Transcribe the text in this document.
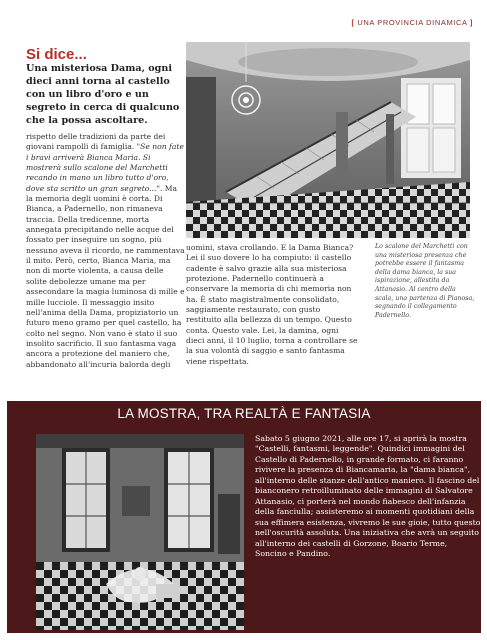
[ UNA PROVINCIA DINAMICA ]
Si dice...
Una misteriosa Dama, ogni dieci anni torna al castello con un libro d'oro e un segreto in cerca di qualcuno che la possa ascoltare.
rispetto delle tradizioni da parte dei giovani rampolli di famiglia. "Se non fate i bravi arriverà Bianca Maria. Si mostrerà sullo scalone del Marchetti recando in mano un libro tutto d'oro, dove sta scritto un gran segreto...". Ma la memoria degli uomini è corta. Di Bianca, a Padernello, non rimaneva traccia. Della tredicenne, morta annegata precipitando nelle acque del fossato per inseguire un sogno, più nessuno aveva il ricordo, ne rammentava il mito. Però, certo, Bianca Maria, ma non di morte violenta, a causa delle solite debolezze umane ma per assecondare la magia luminosa di mille e mille lucciole. Il messaggio insito nell'anima della Dama, propiziatorio un futuro meno gramo per quel castello, ha colto nel segno. Non vano è stato il suo insolito sacrificio. Il suo fantasma vaga ancora a protezione del maniero che, abbandonato all'incuria balorda degli
uomini, stava crollando. E la Dama Bianca? Lei il suo dovere lo ha compiuto: il castello cadente è salvo grazie alla sua misteriosa protezione. Padernello continuerà a conservare la memoria di chi memoria non ha. È stato magistralmente consolidato, saggiamente restaurato, con gusto restituito alla bellezza di un tempo. Questo conta. Questo vale. Lei, la damina, ogni dieci anni, il 10 luglio, torna a controllare se la sua volontà di saggio e santo fantasma viene rispettata.
Lo scalone del Marchetti con una misteriosa presenza che potrebbe essere il fantasma della dama bianca, la sua ispirazione, allestita da Attanasio. Al centro della scala, una partenza di Pianosa, segnando il collegamento Padernello.
LA MOSTRA, TRA REALTÀ E FANTASIA
Sabato 5 giugno 2021, alle ore 17, si aprirà la mostra "Castelli, fantasmi, leggende". Quindici immagini del Castello di Padernello, in grande formato, ci faranno rivivere la presenza di Biancamaria, la "dama bianca", all'interno delle stanze dell'antico maniero. Il fascino del bianconero retroilluminato delle immagini di Salvatore Attanasio, ci porterà nel mondo fiabesco dell'infanzia della fanciulla; assisteremo ai momenti quotidiani della sua effimera esistenza, vivremo le sue gioie, tutto questo nell'oscurità assoluta. Una iniziativa che avrà un seguito all'interno dei castelli di Gorzone, Boario Terme, Soncino e Pandino.
